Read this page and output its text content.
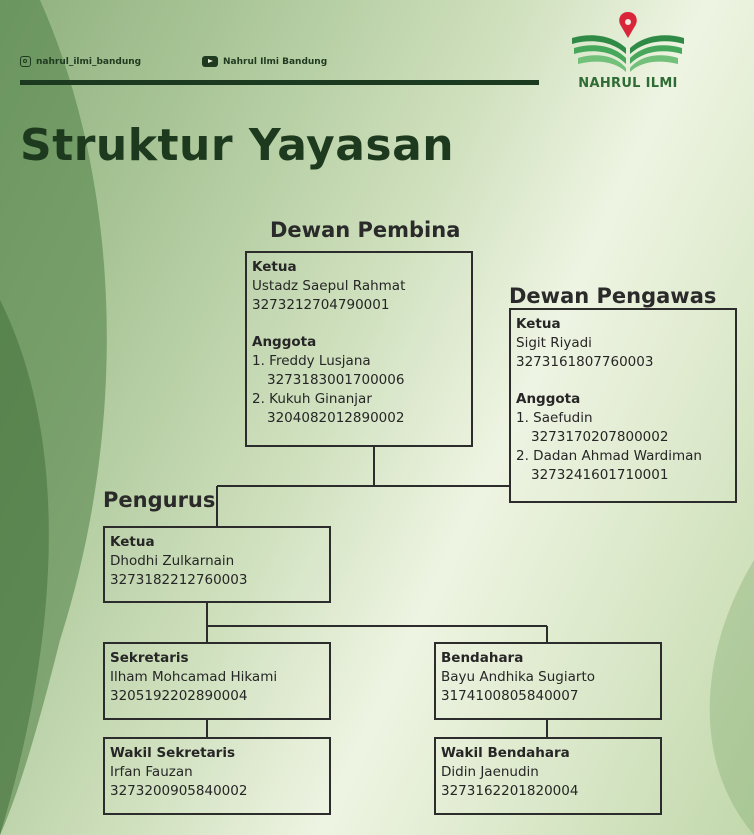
nahrul_ilmi_bandung	Nahrul Ilmi Bandung
NAHRUL ILMI
Struktur Yayasan
Dewan Pembina
Ketua
Ustadz Saepul Rahmat
3273212704790001
Anggota
1. Freddy Lusjana
3273183001700006
2. Kukuh Ginanjar
3204082012890002
Dewan Pengawas
Ketua
Sigit Riyadi
3273161807760003
Anggota
1. Saefudin
3273170207800002
2. Dadan Ahmad Wardiman
3273241601710001
Pengurus
Ketua
Dhodhi Zulkarnain
3273182212760003
Sekretaris
Ilham Mohcamad Hikami
3205192202890004
Bendahara
Bayu Andhika Sugiarto
3174100805840007
Wakil Sekretaris
Irfan Fauzan
3273200905840002
Wakil Bendahara
Didin Jaenudin
3273162201820004
